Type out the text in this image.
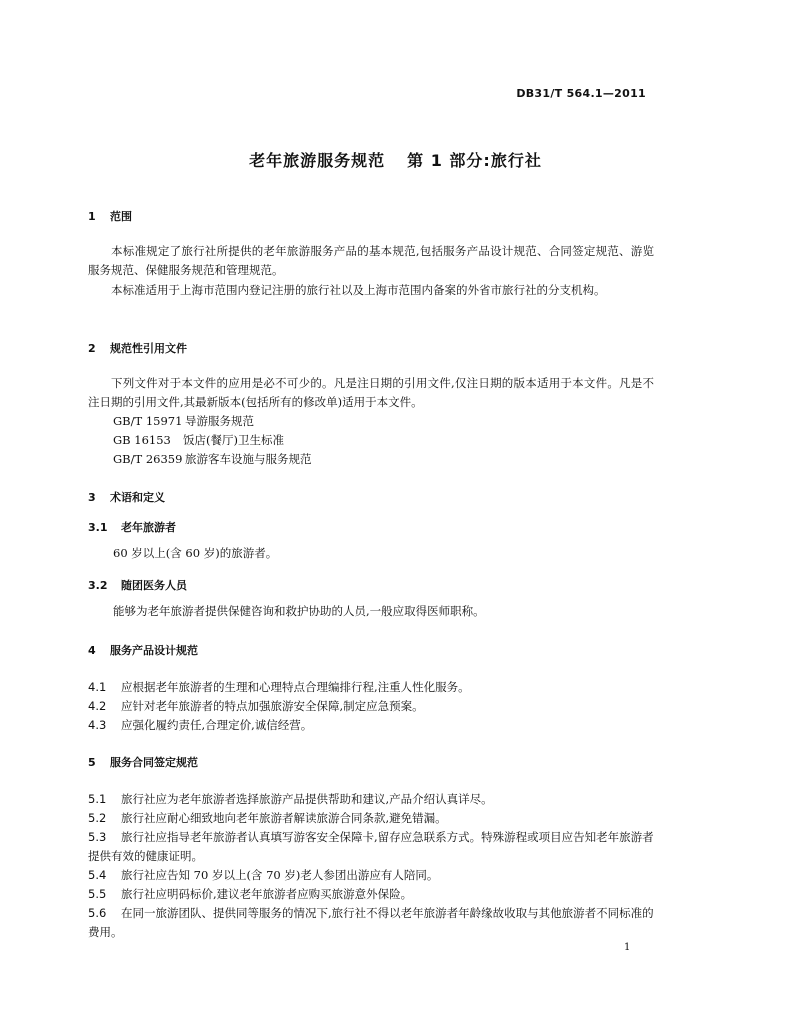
DB31/T 564.1—2011
老年旅游服务规范 第 1 部分:旅行社
1 范围
本标准规定了旅行社所提供的老年旅游服务产品的基本规范,包括服务产品设计规范、合同签定规范、游览服务规范、保健服务规范和管理规范。
本标准适用于上海市范围内登记注册的旅行社以及上海市范围内备案的外省市旅行社的分支机构。
2 规范性引用文件
下列文件对于本文件的应用是必不可少的。凡是注日期的引用文件,仅注日期的版本适用于本文件。凡是不注日期的引用文件,其最新版本(包括所有的修改单)适用于本文件。
GB/T 15971 导游服务规范
GB 16153 饭店(餐厅)卫生标准
GB/T 26359 旅游客车设施与服务规范
3 术语和定义
3.1 老年旅游者
60 岁以上(含 60 岁)的旅游者。
3.2 随团医务人员
能够为老年旅游者提供保健咨询和救护协助的人员,一般应取得医师职称。
4 服务产品设计规范
4.1 应根据老年旅游者的生理和心理特点合理编排行程,注重人性化服务。
4.2 应针对老年旅游者的特点加强旅游安全保障,制定应急预案。
4.3 应强化履约责任,合理定价,诚信经营。
5 服务合同签定规范
5.1 旅行社应为老年旅游者选择旅游产品提供帮助和建议,产品介绍认真详尽。
5.2 旅行社应耐心细致地向老年旅游者解读旅游合同条款,避免错漏。
5.3 旅行社应指导老年旅游者认真填写游客安全保障卡,留存应急联系方式。特殊游程或项目应告知老年旅游者提供有效的健康证明。
5.4 旅行社应告知 70 岁以上(含 70 岁)老人参团出游应有人陪同。
5.5 旅行社应明码标价,建议老年旅游者应购买旅游意外保险。
5.6 在同一旅游团队、提供同等服务的情况下,旅行社不得以老年旅游者年龄缘故收取与其他旅游者不同标准的费用。
1
